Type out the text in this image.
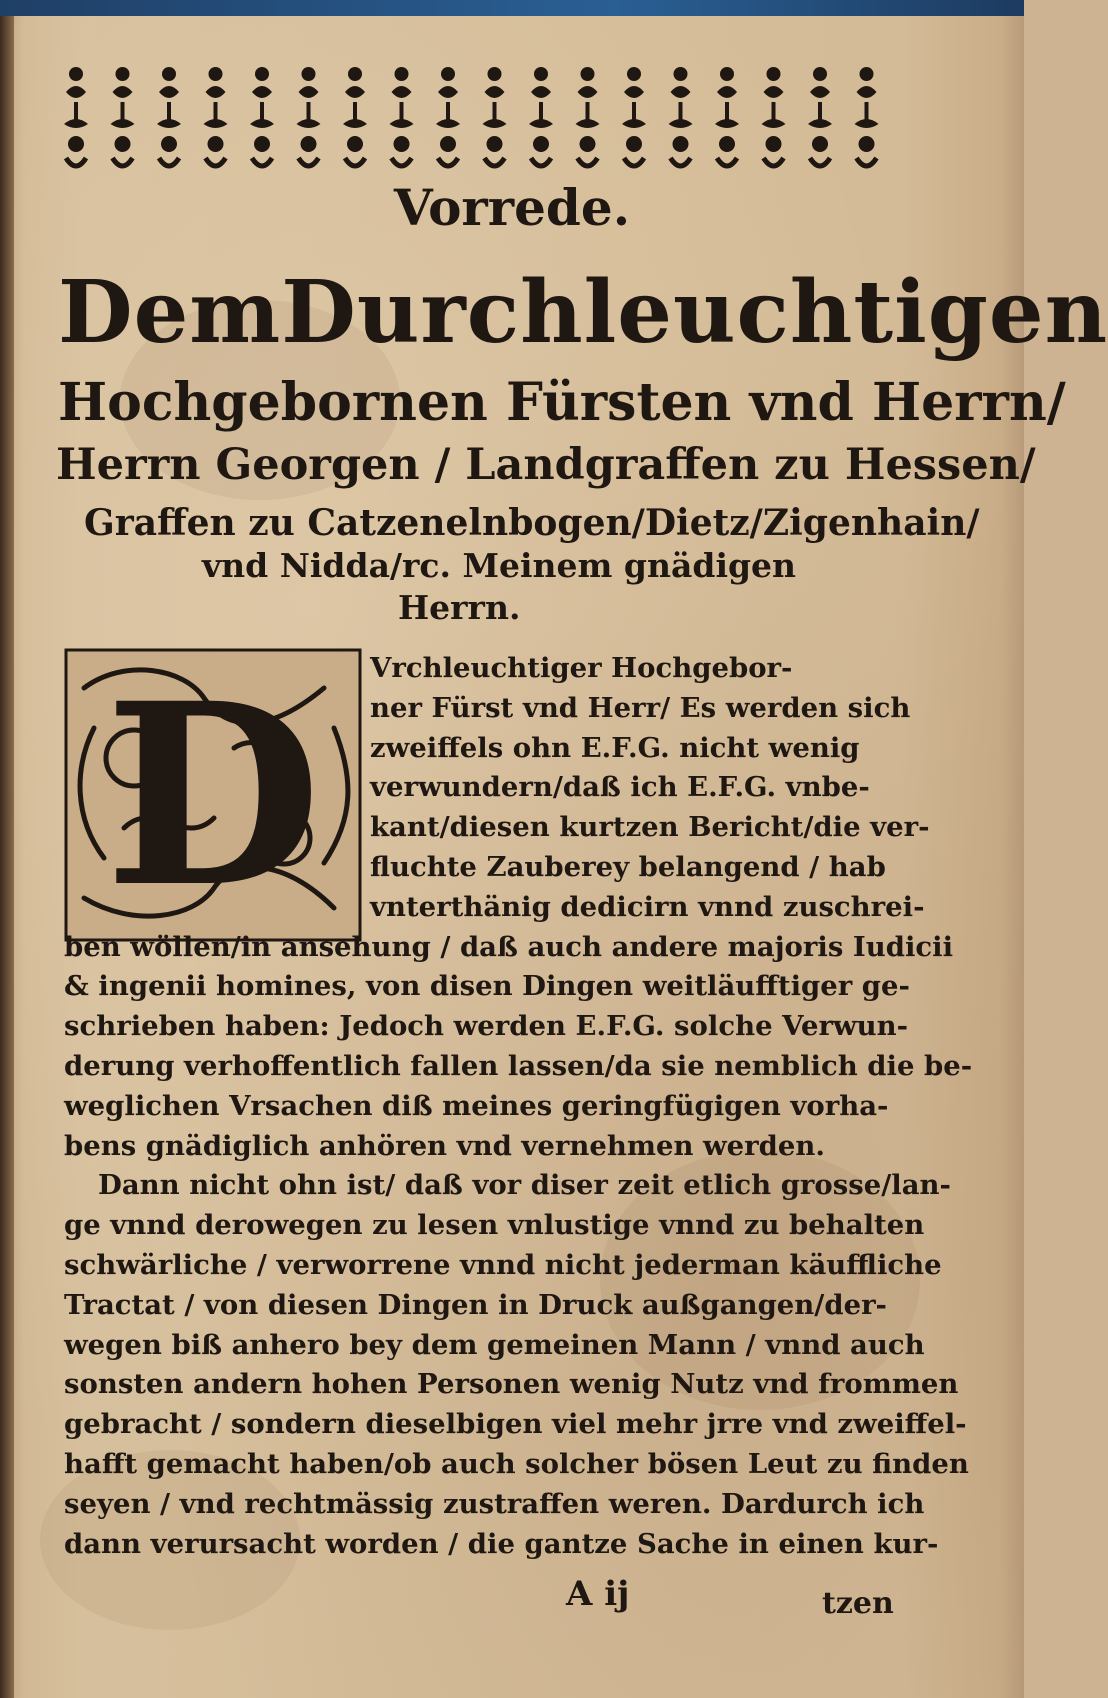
Vorrede.
Dem Durchleuchtigen
Hochgebornen Fürsten vnd Herrn/
Herrn Georgen / Landgraffen zu Hessen/
Graffen zu Catzenelnbogen/Dietz/Zigenhain/
vnd Nidda/rc. Meinem gnädigen
Herrn.
D Vrchleuchtiger Hochgebor-
ner Fürst vnd Herr/ Es werden sich
zweiffels ohn E.F.G. nicht wenig
verwundern/daß ich E.F.G. vnbe-
kant/diesen kurtzen Bericht/die ver-
fluchte Zauberey belangend / hab
vnterthänig dedicirn vnnd zuschrei-
ben wöllen/in ansehung / daß auch andere majoris Iudicii
& ingenii homines, von disen Dingen weitläufftiger ge-
schrieben haben: Jedoch werden E.F.G. solche Verwun-
derung verhoffentlich fallen lassen/da sie nemblich die be-
weglichen Vrsachen diß meines geringfügigen vorha-
bens gnädiglich anhören vnd vernehmen werden.
Dann nicht ohn ist/ daß vor diser zeit etlich grosse/lan-
ge vnnd derowegen zu lesen vnlustige vnnd zu behalten
schwärliche / verworrene vnnd nicht jederman käuffliche
Tractat / von diesen Dingen in Druck außgangen/der-
wegen biß anhero bey dem gemeinen Mann / vnnd auch
sonsten andern hohen Personen wenig Nutz vnd frommen
gebracht / sondern dieselbigen viel mehr jrre vnd zweiffel-
hafft gemacht haben/ob auch solcher bösen Leut zu finden
seyen / vnd rechtmässig zustraffen weren. Dardurch ich
dann verursacht worden / die gantze Sache in einen kur-
A ij	tzen
